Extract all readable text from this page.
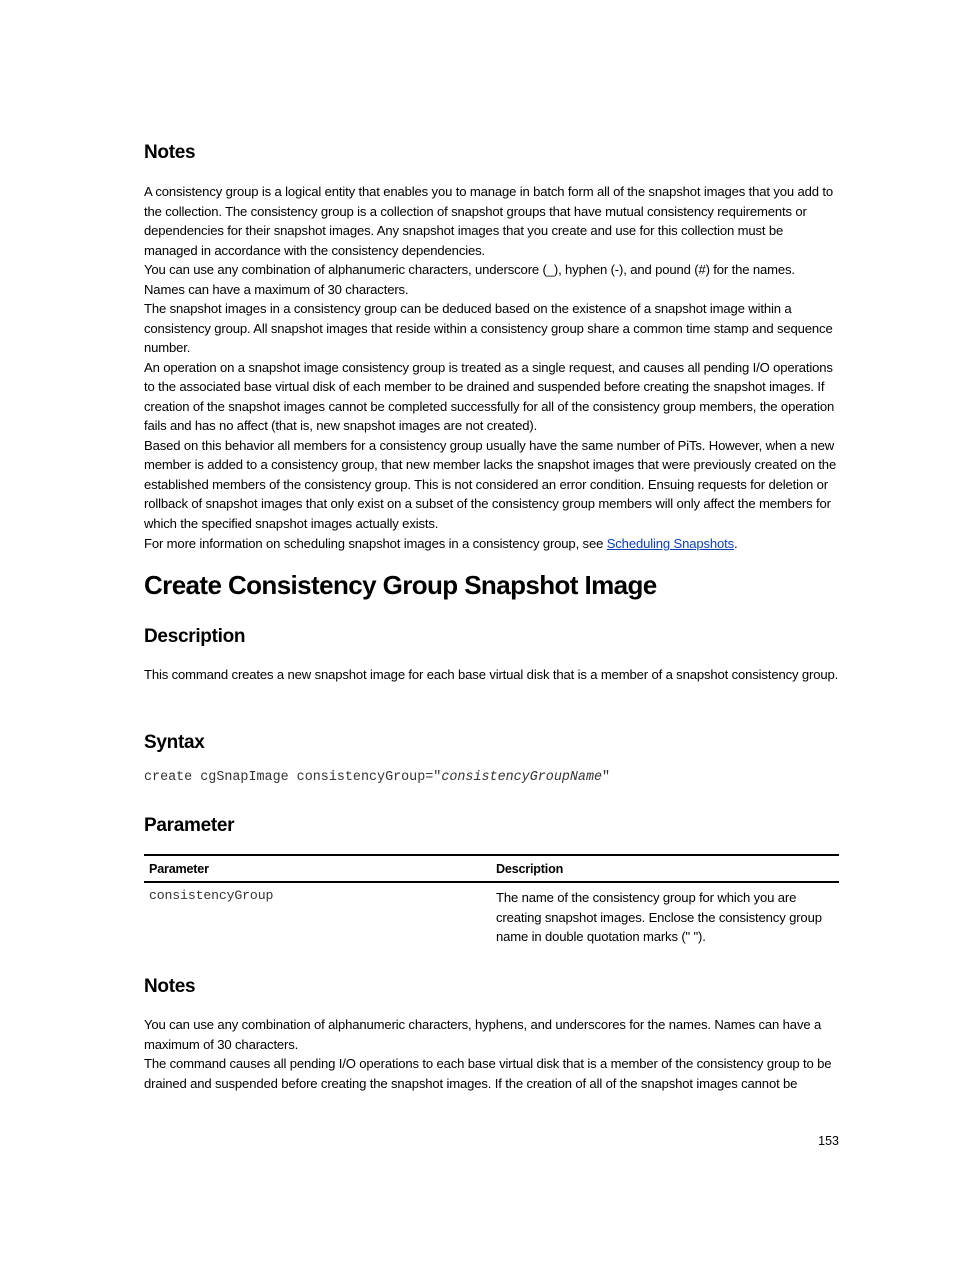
Notes

A consistency group is a logical entity that enables you to manage in batch form all of the snapshot images that you add to the collection. The consistency group is a collection of snapshot groups that have mutual consistency requirements or dependencies for their snapshot images. Any snapshot images that you create and use for this collection must be managed in accordance with the consistency dependencies.

You can use any combination of alphanumeric characters, underscore (_), hyphen (-), and pound (#) for the names. Names can have a maximum of 30 characters.

The snapshot images in a consistency group can be deduced based on the existence of a snapshot image within a consistency group. All snapshot images that reside within a consistency group share a common time stamp and sequence number.

An operation on a snapshot image consistency group is treated as a single request, and causes all pending I/O operations to the associated base virtual disk of each member to be drained and suspended before creating the snapshot images. If creation of the snapshot images cannot be completed successfully for all of the consistency group members, the operation fails and has no affect (that is, new snapshot images are not created).

Based on this behavior all members for a consistency group usually have the same number of PiTs. However, when a new member is added to a consistency group, that new member lacks the snapshot images that were previously created on the established members of the consistency group. This is not considered an error condition. Ensuing requests for deletion or rollback of snapshot images that only exist on a subset of the consistency group members will only affect the members for which the specified snapshot images actually exists.

For more information on scheduling snapshot images in a consistency group, see Scheduling Snapshots.

Create Consistency Group Snapshot Image
Description

This command creates a new snapshot image for each base virtual disk that is a member of a snapshot consistency group.

Syntax
create cgSnapImage consistencyGroup="consistencyGroupName"
Parameter
Parameter	Description
consistencyGroup	The name of the consistency group for which you are creating snapshot images. Enclose the consistency group name in double quotation marks (" ").
Notes

You can use any combination of alphanumeric characters, hyphens, and underscores for the names. Names can have a maximum of 30 characters.

The command causes all pending I/O operations to each base virtual disk that is a member of the consistency group to be drained and suspended before creating the snapshot images. If the creation of all of the snapshot images cannot be

153
